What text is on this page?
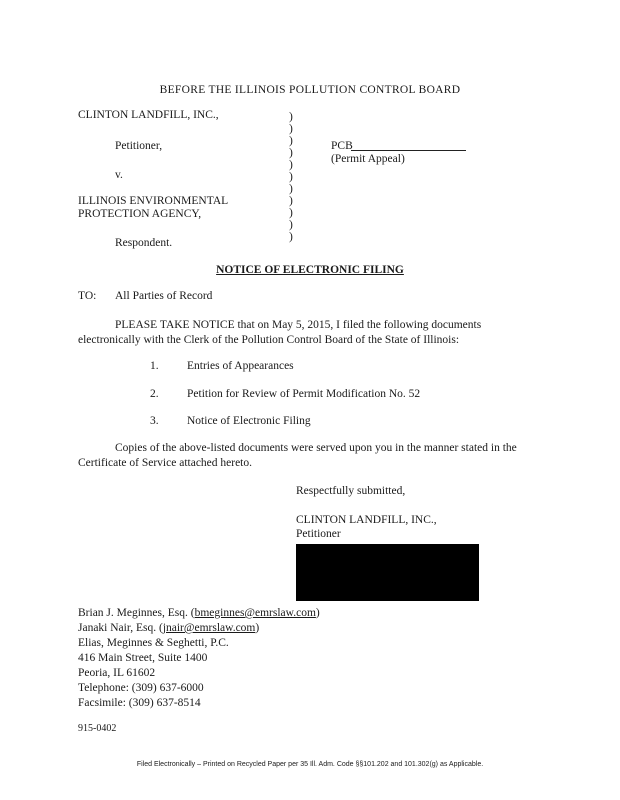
BEFORE THE ILLINOIS POLLUTION CONTROL BOARD
CLINTON LANDFILL, INC.,
Petitioner,
v.
ILLINOIS ENVIRONMENTAL
PROTECTION AGENCY,
Respondent.
)
)
)
)
)
)
)
)
)
)
)
PCB
(Permit Appeal)
NOTICE OF ELECTRONIC FILING
TO: All Parties of Record
PLEASE TAKE NOTICE that on May 5, 2015, I filed the following documents
electronically with the Clerk of the Pollution Control Board of the State of Illinois:
1. Entries of Appearances
2. Petition for Review of Permit Modification No. 52
3. Notice of Electronic Filing
Copies of the above-listed documents were served upon you in the manner stated in the
Certificate of Service attached hereto.
Respectfully submitted,
CLINTON LANDFILL, INC.,
Petitioner
Brian J. Meginnes, Esq. (bmeginnes@emrslaw.com)
Janaki Nair, Esq. (jnair@emrslaw.com)
Elias, Meginnes & Seghetti, P.C.
416 Main Street, Suite 1400
Peoria, IL 61602
Telephone: (309) 637-6000
Facsimile: (309) 637-8514
915-0402
Filed Electronically – Printed on Recycled Paper per 35 Ill. Adm. Code §§101.202 and 101.302(g) as Applicable.
